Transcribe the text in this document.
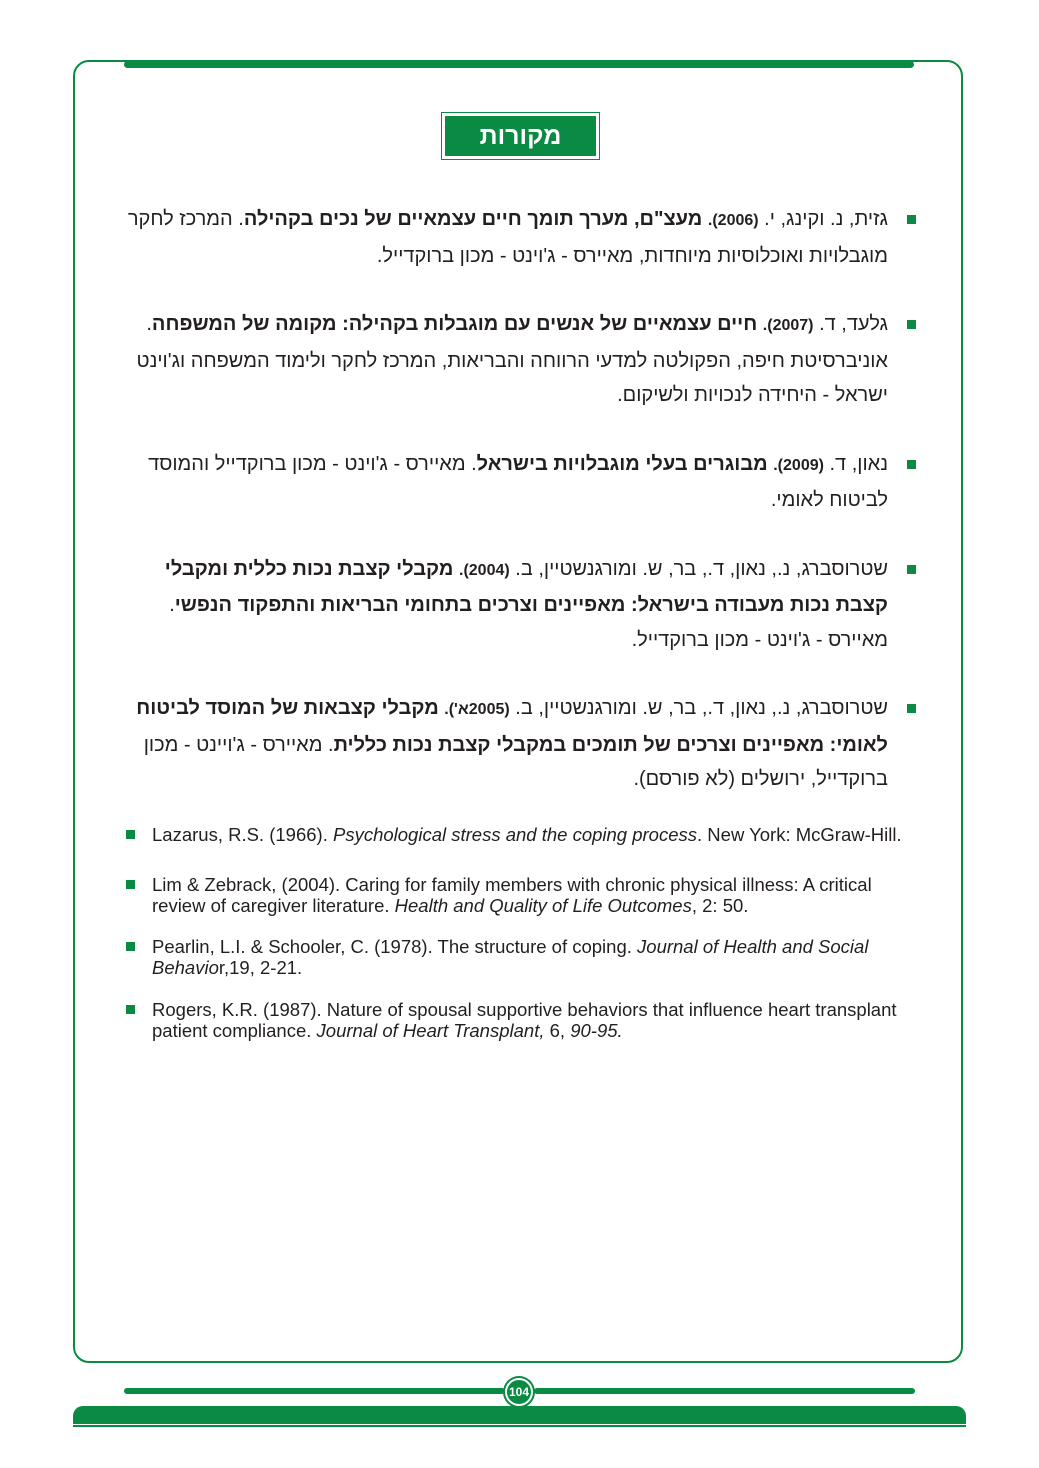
מקורות
גזית, נ. וקינג, י. (2006). מעצ"ם, מערך תומך חיים עצמאיים של נכים בקהילה. המרכז לחקר מוגבלויות ואוכלוסיות מיוחדות, מאיירס - ג'וינט - מכון ברוקדייל.
גלעד, ד. (2007). חיים עצמאיים של אנשים עם מוגבלות בקהילה: מקומה של המשפחה. אוניברסיטת חיפה, הפקולטה למדעי הרווחה והבריאות, המרכז לחקר ולימוד המשפחה וג'וינט ישראל - היחידה לנכויות ולשיקום.
נאון, ד. (2009). מבוגרים בעלי מוגבלויות בישראל. מאיירס - ג'וינט - מכון ברוקדייל והמוסד לביטוח לאומי.
שטרוסברג, נ., נאון, ד., בר, ש. ומורגנשטיין, ב. (2004). מקבלי קצבת נכות כללית ומקבלי קצבת נכות מעבודה בישראל: מאפיינים וצרכים בתחומי הבריאות והתפקוד הנפשי. מאיירס - ג'וינט - מכון ברוקדייל.
שטרוסברג, נ., נאון, ד., בר, ש. ומורגנשטיין, ב. (2005א'). מקבלי קצבאות של המוסד לביטוח לאומי: מאפיינים וצרכים של תומכים במקבלי קצבת נכות כללית. מאיירס - ג'ויינט - מכון ברוקדייל, ירושלים (לא פורסם).
Lazarus, R.S. (1966). Psychological stress and the coping process. New York: McGraw-Hill.
Lim & Zebrack, (2004). Caring for family members with chronic physical illness: A critical review of caregiver literature. Health and Quality of Life Outcomes, 2: 50.
Pearlin, L.I. & Schooler, C. (1978). The structure of coping. Journal of Health and Social Behavior,19, 2-21.
Rogers, K.R. (1987). Nature of spousal supportive behaviors that influence heart transplant patient compliance. Journal of Heart Transplant, 6, 90-95.
104
